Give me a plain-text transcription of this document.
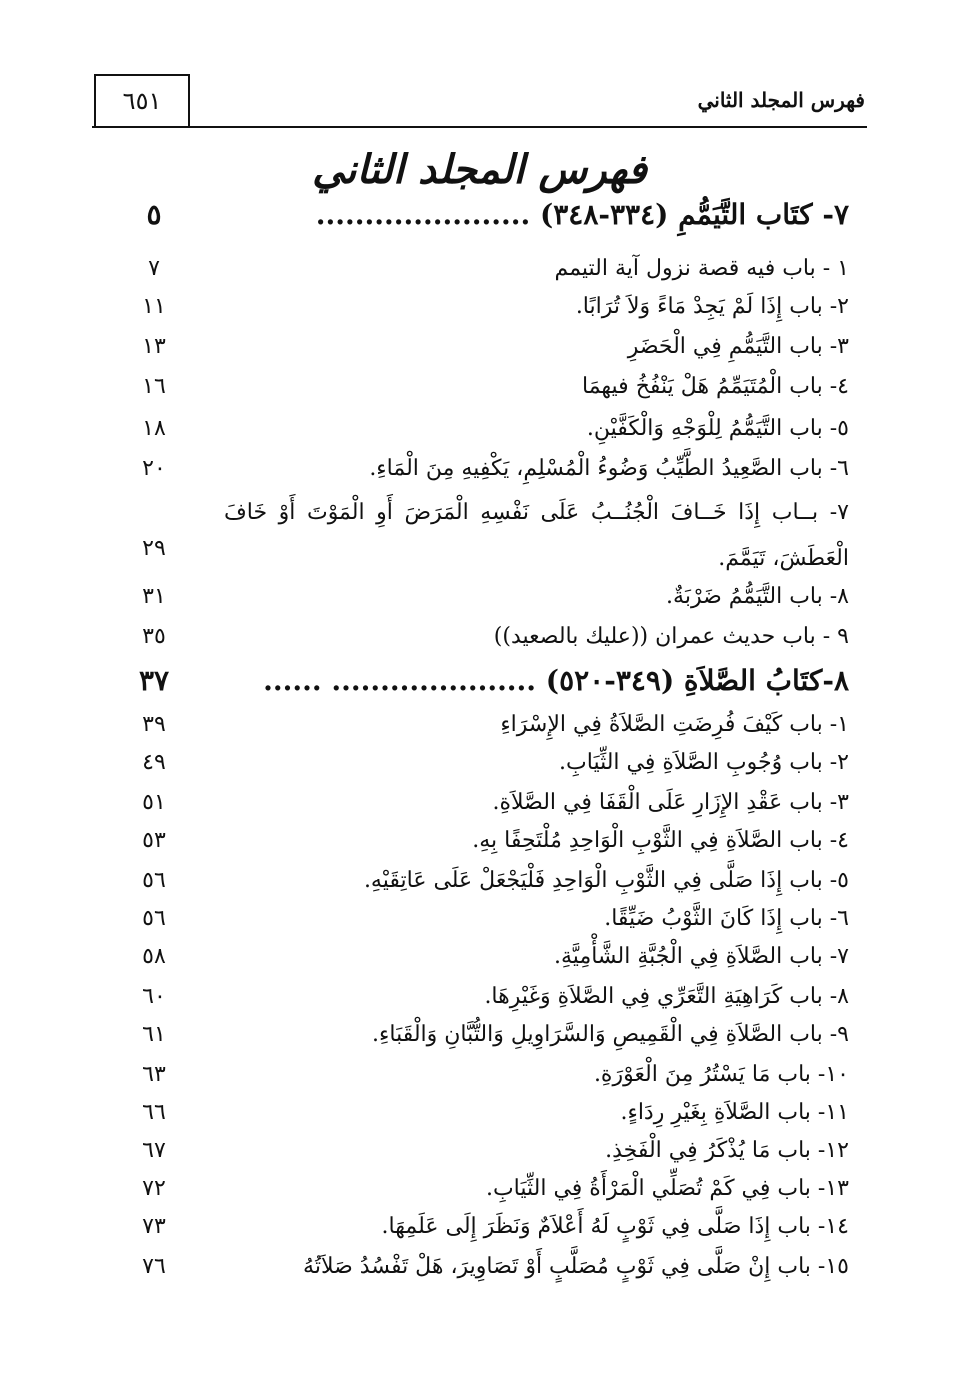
٦٥١	فهرس المجلد الثاني
فهرس المجلد الثاني
٧- كتَاب التَّيَمُّمِ (٣٣٤-٣٤٨) ......................
٥
١ - باب فيه قصة نزول آية التيمم
٧
٢- باب إِذَا لَمْ يَجِدْ مَاءً وَلاَ تُرَابًا.
١١
٣- باب التَّيَمُّمِ فِي الْحَضَرِ
١٣
٤- باب الْمُتَيَمِّمُ هَلْ يَنْفُخُ فيهمَا
١٦
٥- باب التَّيَمُّمُ لِلْوَجْهِ وَالْكَفَّيْنِ.
١٨
٦- باب الصَّعِيدُ الطَّيِّبُ وَضُوءُ الْمُسْلِمِ، يَكْفِيهِ مِنَ الْمَاءِ.
٢٠
٧- بــاب إِذَا خَــافَ الْجُنُــبُ عَلَى نَفْسِهِ الْمَرَضَ أَوِ الْمَوْتَ أَوْ خَافَ الْعَطَشَ، تَيَمَّمَ.
٢٩
٨- باب التَّيَمُّمُ ضَرْبَةٌ.
٣١
٩ - باب حديث عمران ((عليك بالصعيد))
٣٥
٨-كتَابُ الصَّلاَةِ (٣٤٩-٥٢٠) ..................... ......
٣٧
١- باب كَيْفَ فُرِضَتِ الصَّلاَةُ فِي الإِسْرَاءِ
٣٩
٢- باب وُجُوبِ الصَّلاَةِ فِي الثِّيَابِ.
٤٩
٣- باب عَقْدِ الإِزَارِ عَلَى الْقَفَا فِي الصَّلاَةِ.
٥١
٤- باب الصَّلاَةِ فِي الثَّوْبِ الْوَاحِدِ مُلْتَحِفًا بِهِ.
٥٣
٥- باب إِذَا صَلَّى فِي الثَّوْبِ الْوَاحِدِ فَلْيَجْعَلْ عَلَى عَاتِقَيْهِ.
٥٦
٦- باب إِذَا كَانَ الثَّوْبُ ضَيِّقًا.
٥٦
٧- باب الصَّلاَةِ فِي الْجُبَّةِ الشَّأْمِيَّةِ.
٥٨
٨- باب كَرَاهِيَةِ التَّعَرِّي فِي الصَّلاَةِ وَغَيْرِهَا.
٦٠
٩- باب الصَّلاَةِ فِي الْقَمِيصِ وَالسَّرَاوِيلِ وَالتُّبَّانِ وَالْقَبَاءِ.
٦١
١٠- باب مَا يَسْتُرُ مِنَ الْعَوْرَةِ.
٦٣
١١- باب الصَّلاَةِ بِغَيْرِ رِدَاءٍ.
٦٦
١٢- باب مَا يُذْكَرُ فِي الْفَخِذِ.
٦٧
١٣- باب فِي كَمْ تُصَلِّي الْمَرْأَةُ فِي الثِّيَابِ.
٧٢
١٤- باب إِذَا صَلَّى فِي ثَوْبٍ لَهُ أَعْلاَمٌ وَنَظَرَ إِلَى عَلَمِهَا.
٧٣
١٥- باب إِنْ صَلَّى فِي ثَوْبٍ مُصَلَّبٍ أَوْ تَصَاوِيرَ، هَلْ تَفْسُدُ صَلاَتُهُ
٧٦
